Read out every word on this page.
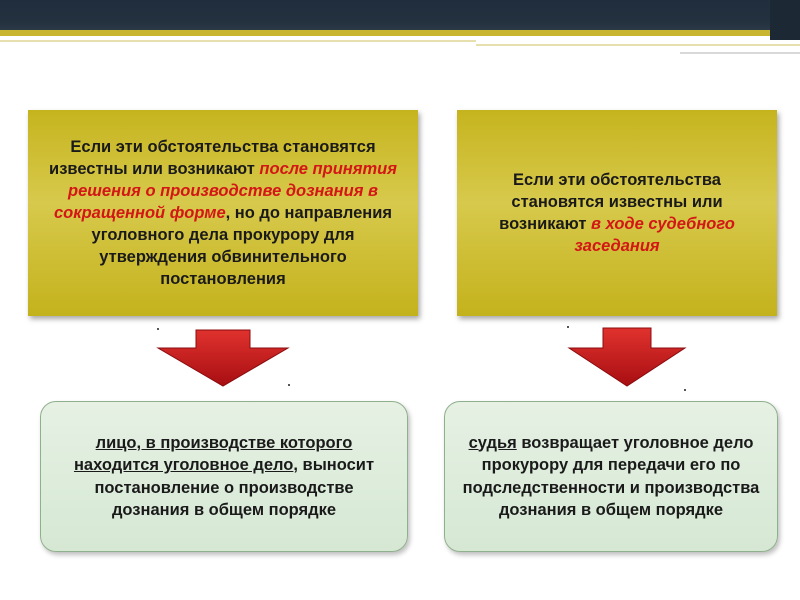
Если эти обстоятельства становятся известны или возникают после принятия решения о производстве дознания в сокращенной форме, но до направления уголовного дела прокурору для утверждения обвинительного постановления
Если эти обстоятельства становятся известны или возникают в ходе судебного заседания
лицо, в производстве которого находится уголовное дело, выносит постановление о производстве дознания в общем порядке
судья возвращает уголовное дело прокурору для передачи его по подследственности и производства дознания в общем порядке
